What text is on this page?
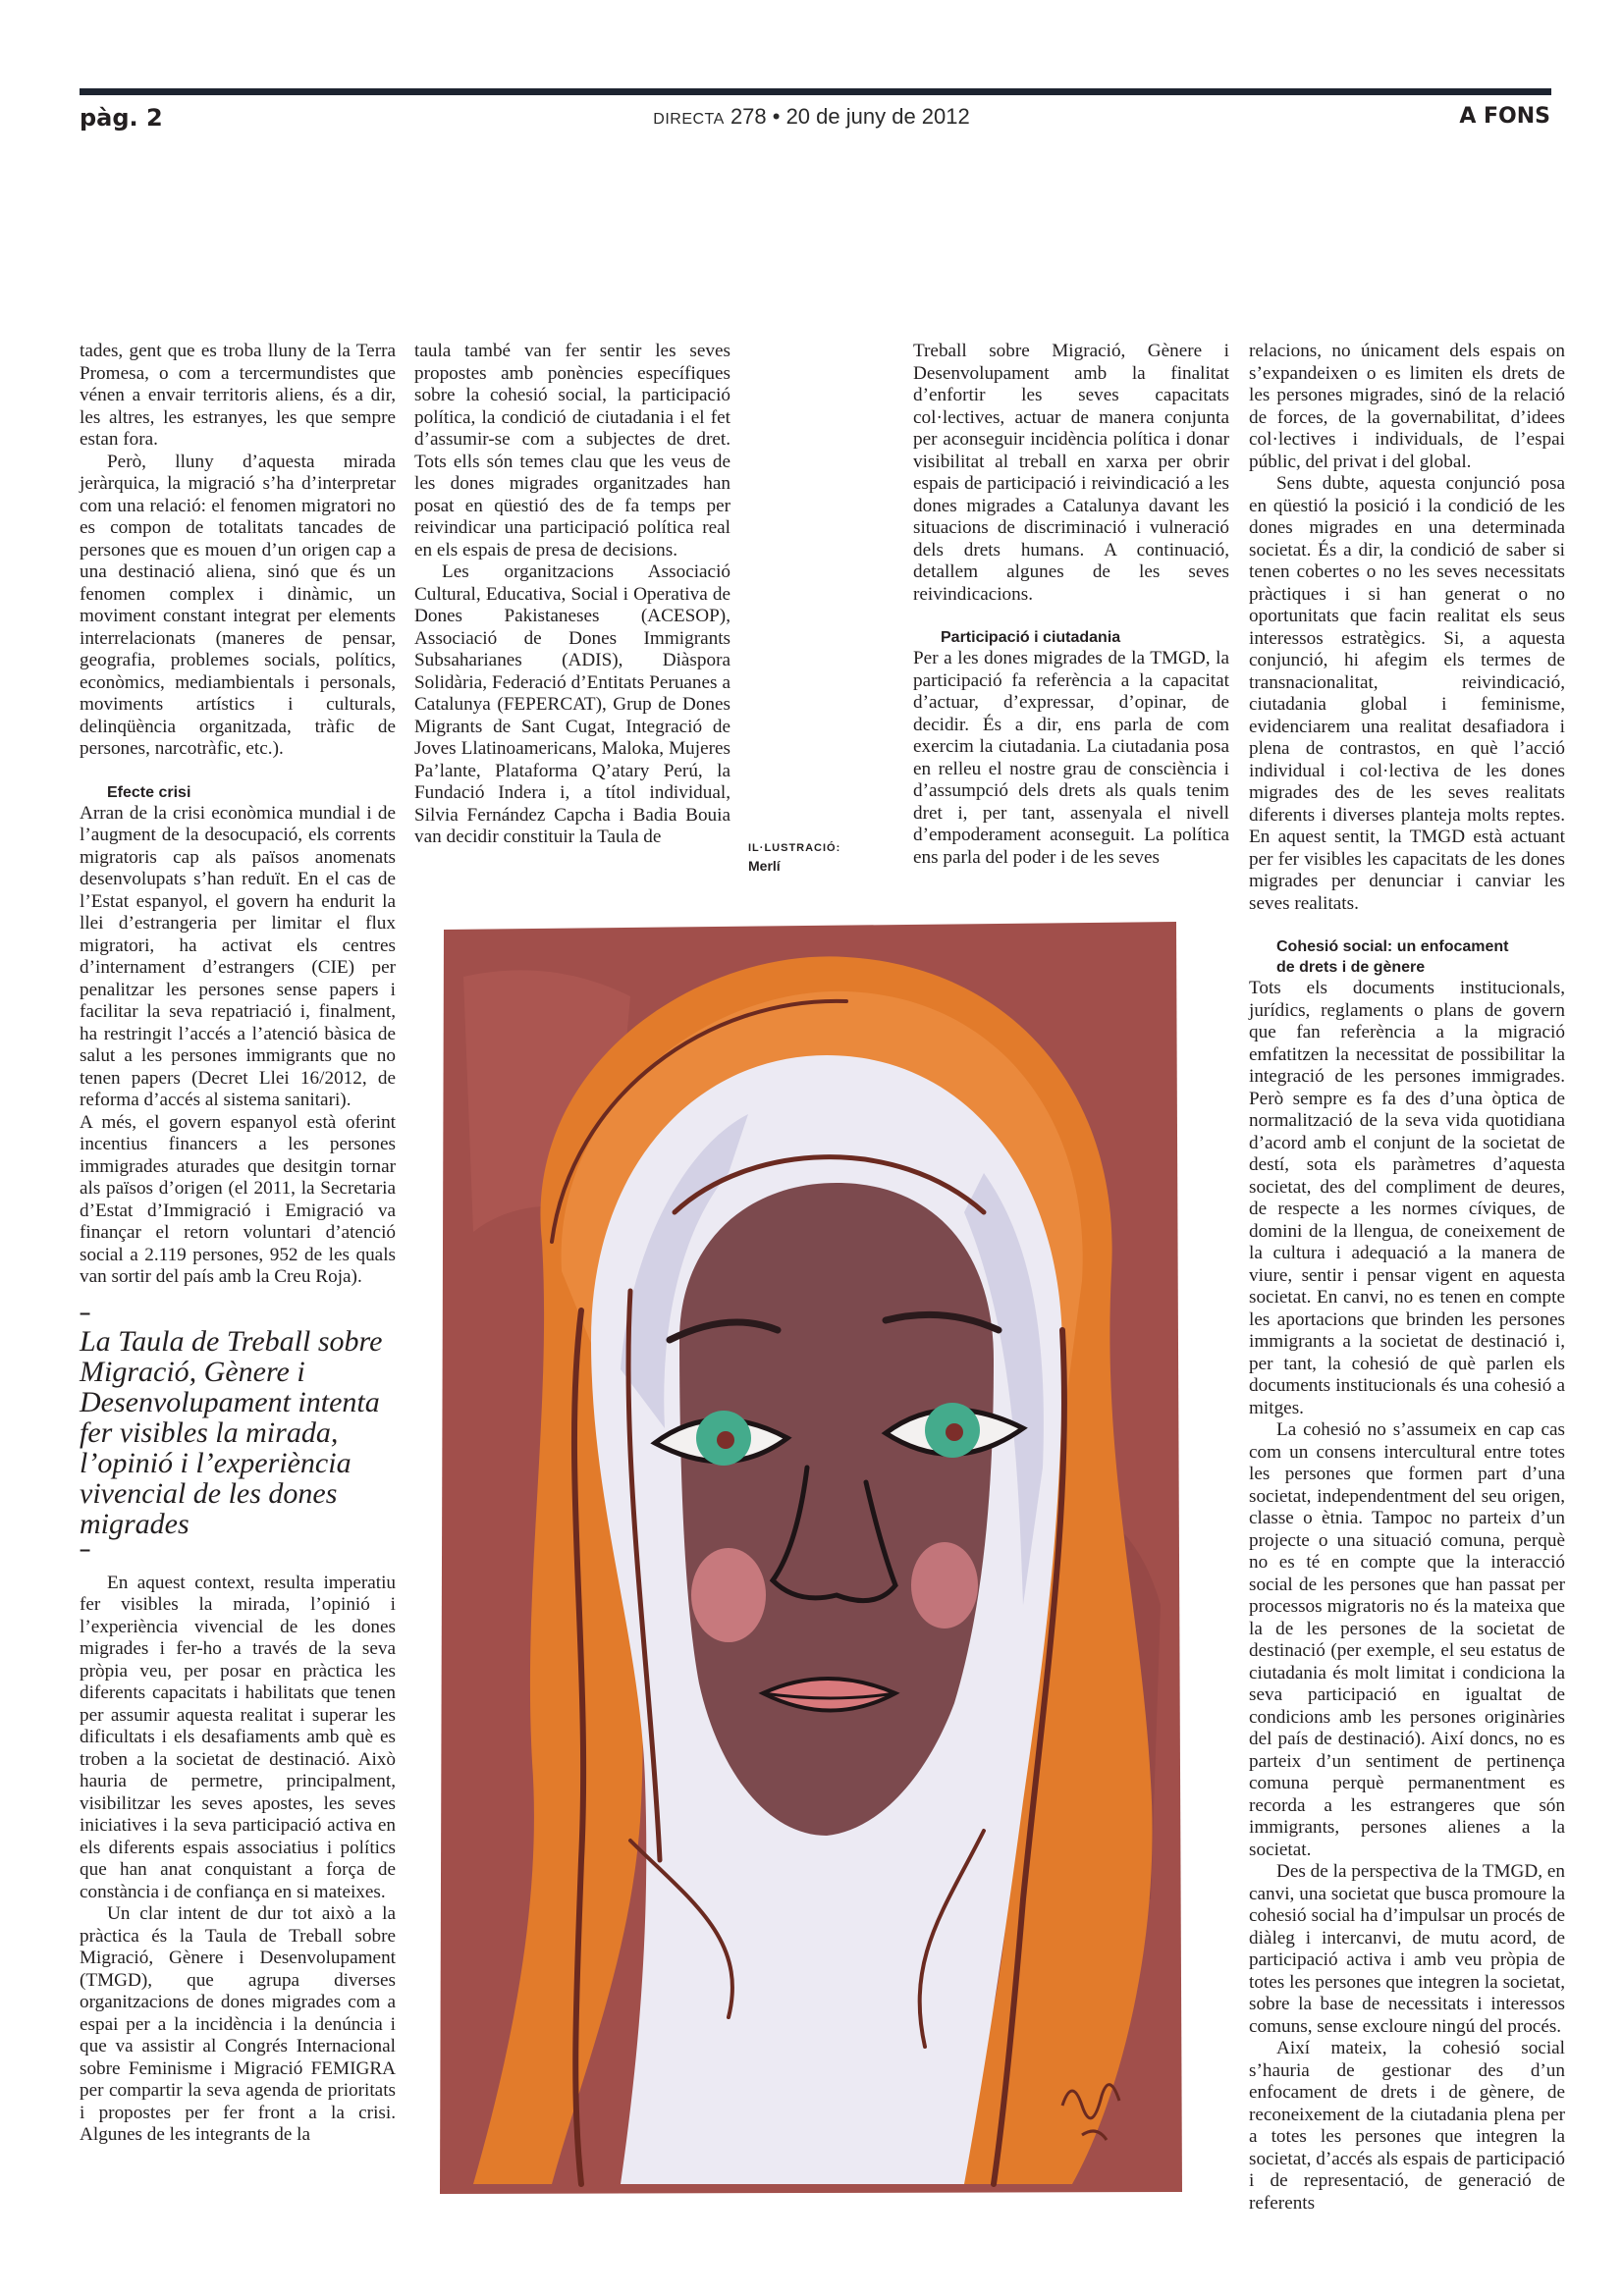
pàg. 2	DIRECTA 278 • 20 de juny de 2012	A FONS

tades, gent que es troba lluny de la Terra Promesa, o com a tercermundistes que vénen a envair territoris aliens, és a dir, les altres, les estranyes, les que sempre estan fora.

Però, lluny d’aquesta mirada jeràrquica, la migració s’ha d’interpretar com una relació: el fenomen migratori no es compon de totalitats tancades de persones que es mouen d’un origen cap a una destinació aliena, sinó que és un fenomen complex i dinàmic, un moviment constant integrat per elements interrelacionats (maneres de pensar, geografia, problemes socials, polítics, econòmics, mediambientals i personals, moviments artístics i culturals, delinqüència organitzada, tràfic de persones, narcotràfic, etc.).

Efecte crisi

Arran de la crisi econòmica mundial i de l’augment de la desocupació, els corrents migratoris cap als països anomenats desenvolupats s’han reduït. En el cas de l’Estat espanyol, el govern ha endurit la llei d’estrangeria per limitar el flux migratori, ha activat els centres d’internament d’estrangers (CIE) per penalitzar les persones sense papers i facilitar la seva repatriació i, finalment, ha restringit l’accés a l’atenció bàsica de salut a les persones immigrants que no tenen papers (Decret Llei 16/2012, de reforma d’accés al sistema sanitari).

A més, el govern espanyol està oferint incentius financers a les persones immigrades aturades que desitgin tornar als països d’origen (el 2011, la Secretaria d’Estat d’Immigració i Emigració va finançar el retorn voluntari d’atenció social a 2.119 persones, 952 de les quals van sortir del país amb la Creu Roja).

–
La Taula de Treball sobre Migració, Gènere i Desenvolupament intenta fer visibles la mirada, l’opinió i l’experiència vivencial de les dones migrades
–

En aquest context, resulta imperatiu fer visibles la mirada, l’opinió i l’experiència vivencial de les dones migrades i fer-ho a través de la seva pròpia veu, per posar en pràctica les diferents capacitats i habilitats que tenen per assumir aquesta realitat i superar les dificultats i els desafiaments amb què es troben a la societat de destinació. Això hauria de permetre, principalment, visibilitzar les seves apostes, les seves iniciatives i la seva participació activa en els diferents espais associatius i polítics que han anat conquistant a força de constància i de confiança en si mateixes.

Un clar intent de dur tot això a la pràctica és la Taula de Treball sobre Migració, Gènere i Desenvolupament (TMGD), que agrupa diverses organitzacions de dones migrades com a espai per a la incidència i la denúncia i que va assistir al Congrés Internacional sobre Feminisme i Migració FEMIGRA per compartir la seva agenda de prioritats i propostes per fer front a la crisi. Algunes de les integrants de la

taula també van fer sentir les seves propostes amb ponències específiques sobre la cohesió social, la participació política, la condició de ciutadania i el fet d’assumir-se com a subjectes de dret. Tots ells són temes clau que les veus de les dones migrades organitzades han posat en qüestió des de fa temps per reivindicar una participació política real en els espais de presa de decisions.

Les organitzacions Associació Cultural, Educativa, Social i Operativa de Dones Pakistaneses (ACESOP), Associació de Dones Immigrants Subsaharianes (ADIS), Diàspora Solidària, Federació d’Entitats Peruanes a Catalunya (FEPERCAT), Grup de Dones Migrants de Sant Cugat, Integració de Joves Llatinoamericans, Maloka, Mujeres Pa’lante, Plataforma Q’atary Perú, la Fundació Indera i, a títol individual, Silvia Fernández Capcha i Badia Bouia van decidir constituir la Taula de

IL·LUSTRACIÓ:
Merlí

Treball sobre Migració, Gènere i Desenvolupament amb la finalitat d’enfortir les seves capacitats col·lectives, actuar de manera conjunta per aconseguir incidència política i donar visibilitat al treball en xarxa per obrir espais de participació i reivindicació a les dones migrades a Catalunya davant les situacions de discriminació i vulneració dels drets humans. A continuació, detallem algunes de les seves reivindicacions.

Participació i ciutadania

Per a les dones migrades de la TMGD, la participació fa referència a la capacitat d’actuar, d’expressar, d’opinar, de decidir. És a dir, ens parla de com exercim la ciutadania. La ciutadania posa en relleu el nostre grau de consciència i d’assumpció dels drets als quals tenim dret i, per tant, assenyala el nivell d’empoderament aconseguit. La política ens parla del poder i de les seves

relacions, no únicament dels espais on s’expandeixen o es limiten els drets de les persones migrades, sinó de la relació de forces, de la governabilitat, d’idees col·lectives i individuals, de l’espai públic, del privat i del global.

Sens dubte, aquesta conjunció posa en qüestió la posició i la condició de les dones migrades en una determinada societat. És a dir, la condició de saber si tenen cobertes o no les seves necessitats pràctiques i si han generat o no oportunitats que facin realitat els seus interessos estratègics. Si, a aquesta conjunció, hi afegim els termes de transnacionalitat, reivindicació, ciutadania global i feminisme, evidenciarem una realitat desafiadora i plena de contrastos, en què l’acció individual i col·lectiva de les dones migrades des de les seves realitats diferents i diverses planteja molts reptes. En aquest sentit, la TMGD està actuant per fer visibles les capacitats de les dones migrades per denunciar i canviar les seves realitats.

Cohesió social: un enfocament

de drets i de gènere

Tots els documents institucionals, jurídics, reglaments o plans de govern que fan referència a la migració emfatitzen la necessitat de possibilitar la integració de les persones immigrades. Però sempre es fa des d’una òptica de normalització de la seva vida quotidiana d’acord amb el conjunt de la societat de destí, sota els paràmetres d’aquesta societat, des del compliment de deures, de respecte a les normes cíviques, de domini de la llengua, de coneixement de la cultura i adequació a la manera de viure, sentir i pensar vigent en aquesta societat. En canvi, no es tenen en compte les aportacions que brinden les persones immigrants a la societat de destinació i, per tant, la cohesió de què parlen els documents institucionals és una cohesió a mitges.

La cohesió no s’assumeix en cap cas com un consens intercultural entre totes les persones que formen part d’una societat, independentment del seu origen, classe o ètnia. Tampoc no parteix d’un projecte o una situació comuna, perquè no es té en compte que la interacció social de les persones que han passat per processos migratoris no és la mateixa que la de les persones de la societat de destinació (per exemple, el seu estatus de ciutadania és molt limitat i condiciona la seva participació en igualtat de condicions amb les persones originàries del país de destinació). Així doncs, no es parteix d’un sentiment de pertinença comuna perquè permanentment es recorda a les estrangeres que són immigrants, persones alienes a la societat.

Des de la perspectiva de la TMGD, en canvi, una societat que busca promoure la cohesió social ha d’impulsar un procés de diàleg i intercanvi, de mutu acord, de participació activa i amb veu pròpia de totes les persones que integren la societat, sobre la base de necessitats i interessos comuns, sense excloure ningú del procés.

Així mateix, la cohesió social s’hauria de gestionar des d’un enfocament de drets i de gènere, de reconeixement de la ciutadania plena per a totes les persones que integren la societat, d’accés als espais de participació i de representació, de generació de referents
